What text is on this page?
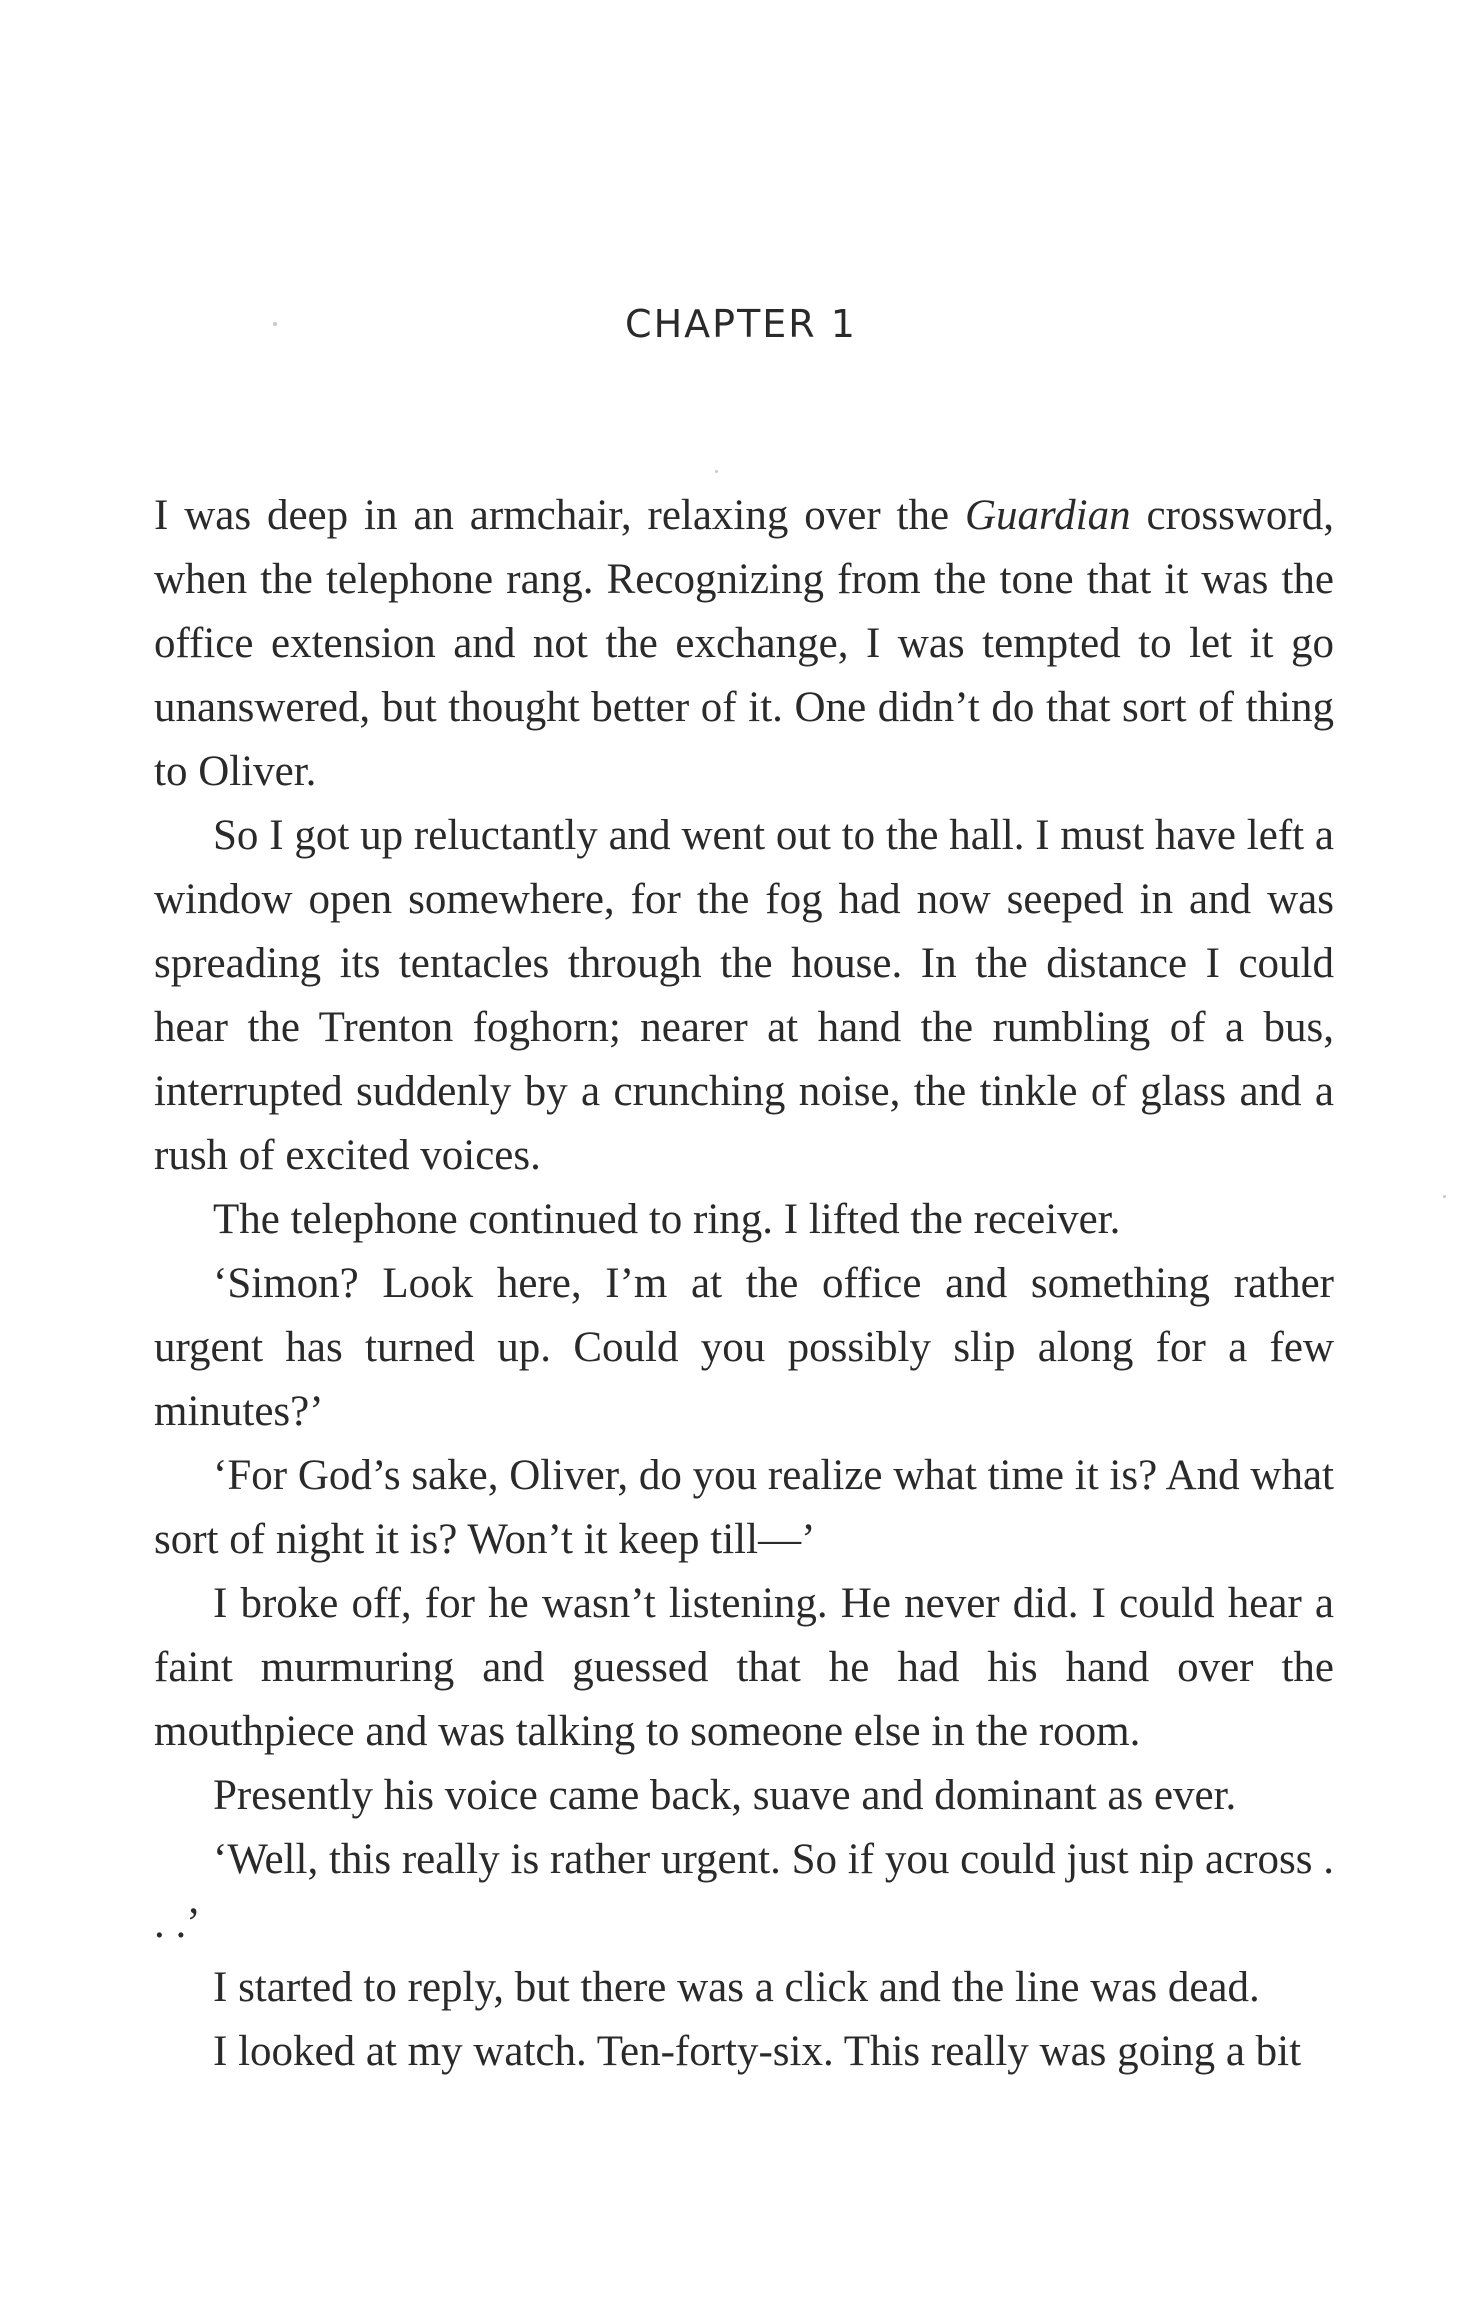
CHAPTER 1

I was deep in an armchair, relaxing over the Guardian crossword, when the telephone rang. Recognizing from the tone that it was the office extension and not the exchange, I was tempted to let it go unanswered, but thought better of it. One didn’t do that sort of thing to Oliver.

So I got up reluctantly and went out to the hall. I must have left a window open somewhere, for the fog had now seeped in and was spreading its tentacles through the house. In the distance I could hear the Trenton foghorn; nearer at hand the rumbling of a bus, interrupted suddenly by a crunching noise, the tinkle of glass and a rush of excited voices.

The telephone continued to ring. I lifted the receiver.

‘Simon? Look here, I’m at the office and something rather urgent has turned up. Could you possibly slip along for a few minutes?’

‘For God’s sake, Oliver, do you realize what time it is? And what sort of night it is? Won’t it keep till—’

I broke off, for he wasn’t listening. He never did. I could hear a faint murmuring and guessed that he had his hand over the mouthpiece and was talking to someone else in the room.

Presently his voice came back, suave and dominant as ever.

‘Well, this really is rather urgent. So if you could just nip across . . .’

I started to reply, but there was a click and the line was dead.

I looked at my watch. Ten-forty-six. This really was going a bit
